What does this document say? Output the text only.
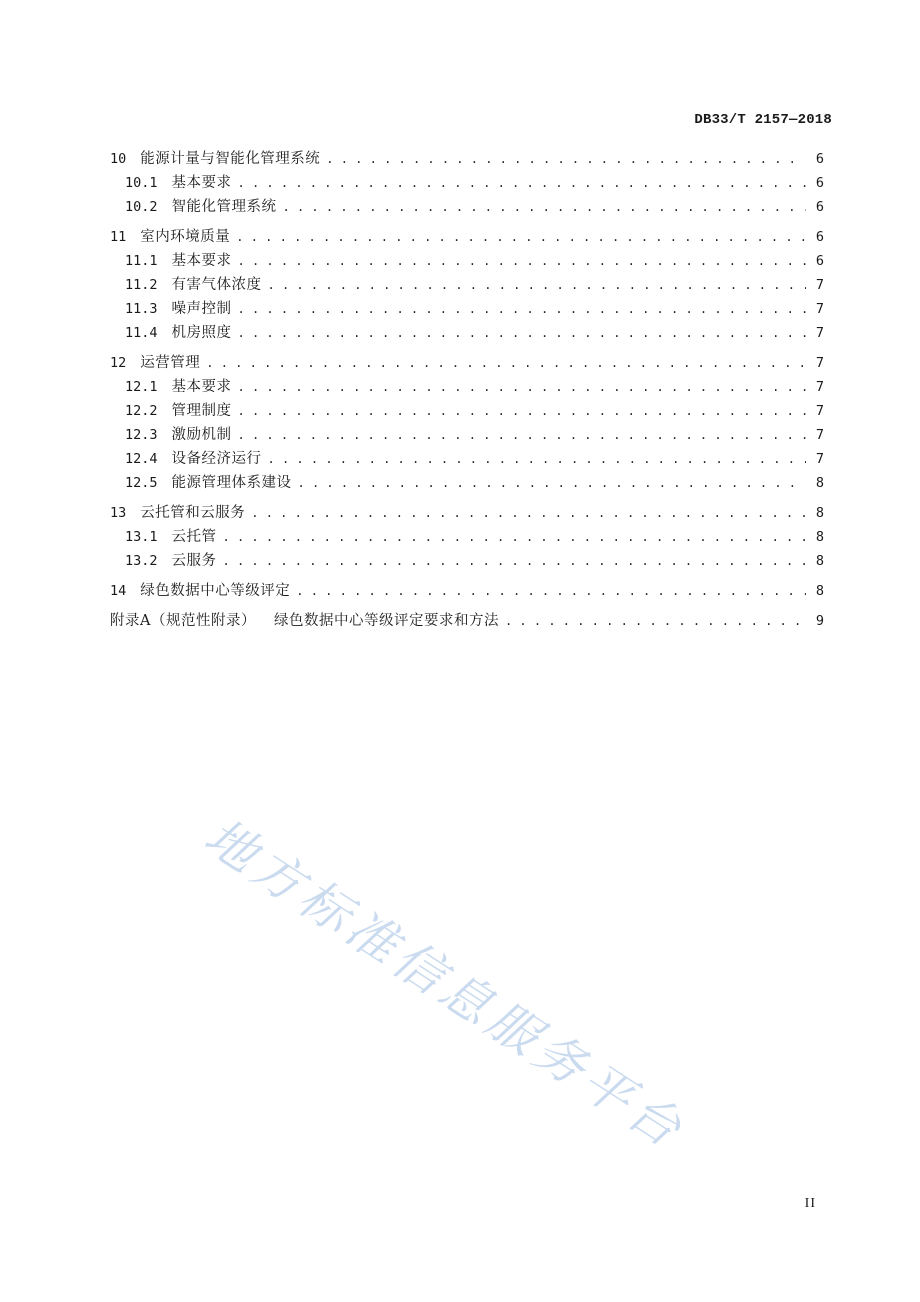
DB33/T 2157—2018
10 能源计量与智能化管理系统 . . .	6
10.1 基本要求 . . .	6
10.2 智能化管理系统 . . .	6
11 室内环境质量 . . .	6
11.1 基本要求 . . .	6
11.2 有害气体浓度 . . .	7
11.3 噪声控制 . . .	7
11.4 机房照度 . . .	7
12 运营管理 . . .	7
12.1 基本要求 . . .	7
12.2 管理制度 . . .	7
12.3 激励机制 . . .	7
12.4 设备经济运行 . . .	7
12.5 能源管理体系建设 . . .	8
13 云托管和云服务 . . .	8
13.1 云托管 . . .	8
13.2 云服务 . . .	8
14 绿色数据中心等级评定 . . .	8
附录A（规范性附录） 绿色数据中心等级评定要求和方法 . . .	9
地方标准信息服务平台
II
